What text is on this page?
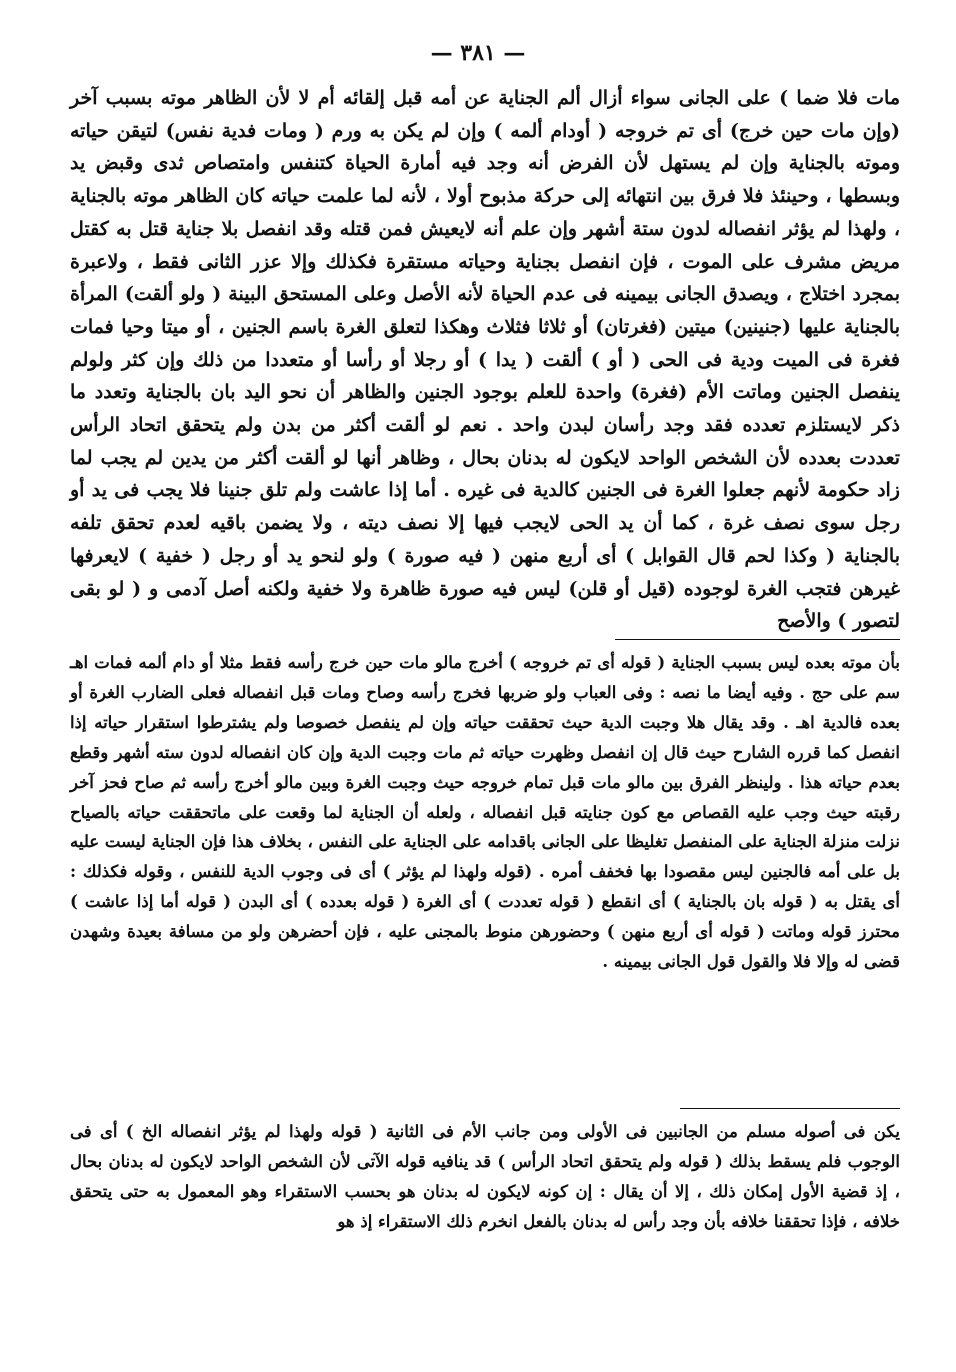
— ٣٨١ —

مات فلا ضما ) على الجانى سواء أزال ألم الجناية عن أمه قبل إلقائه أم لا لأن الظاهر موته بسبب آخر (وإن مات حين خرج) أى تم خروجه ( أودام ألمه ) وإن لم يكن به ورم ( ومات فدية نفس) لتيقن حياته وموته بالجناية وإن لم يستهل لأن الفرض أنه وجد فيه أمارة الحياة كتنفس وامتصاص ثدى وقبض يد وبسطها ، وحينئذ فلا فرق بين انتهائه إلى حركة مذبوح أولا ، لأنه لما علمت حياته كان الظاهر موته بالجناية ، ولهذا لم يؤثر انفصاله لدون ستة أشهر وإن علم أنه لايعيش فمن قتله وقد انفصل بلا جناية قتل به كقتل مريض مشرف على الموت ، فإن انفصل بجناية وحياته مستقرة فكذلك وإلا عزر الثانى فقط ، ولاعبرة بمجرد اختلاج ، ويصدق الجانى بيمينه فى عدم الحياة لأنه الأصل وعلى المستحق البينة ( ولو ألقت) المرأة بالجناية عليها (جنينين) ميتين (فغرتان) أو ثلاثا فثلاث وهكذا لتعلق الغرة باسم الجنين ، أو ميتا وحيا فمات فغرة فى الميت ودية فى الحى ( أو ) ألقت ( يدا ) أو رجلا أو رأسا أو متعددا من ذلك وإن كثر ولولم ينفصل الجنين وماتت الأم (فغرة) واحدة للعلم بوجود الجنين والظاهر أن نحو اليد بان بالجناية وتعدد ما ذكر لايستلزم تعدده فقد وجد رأسان لبدن واحد . نعم لو ألقت أكثر من بدن ولم يتحقق اتحاد الرأس تعددت بعدده لأن الشخص الواحد لايكون له بدنان بحال ، وظاهر أنها لو ألقت أكثر من يدين لم يجب لما زاد حكومة لأنهم جعلوا الغرة فى الجنين كالدية فى غيره . أما إذا عاشت ولم تلق جنينا فلا يجب فى يد أو رجل سوى نصف غرة ، كما أن يد الحى لايجب فيها إلا نصف ديته ، ولا يضمن باقيه لعدم تحقق تلفه بالجناية ( وكذا لحم قال القوابل ) أى أربع منهن ( فيه صورة ) ولو لنحو يد أو رجل ( خفية ) لايعرفها غيرهن فتجب الغرة لوجوده (قيل أو قلن) ليس فيه صورة ظاهرة ولا خفية ولكنه أصل آدمى و ( لو بقى لتصور ) والأصح

بأن موته بعده ليس بسبب الجناية ( قوله أى تم خروجه ) أخرج مالو مات حين خرج رأسه فقط مثلا أو دام ألمه فمات اهـ سم على حج . وفيه أيضا ما نصه : وفى العباب ولو ضربها فخرج رأسه وصاح ومات قبل انفصاله فعلى الضارب الغرة أو بعده فالدية اهـ . وقد يقال هلا وجبت الدية حيث تحققت حياته وإن لم ينفصل خصوصا ولم يشترطوا استقرار حياته إذا انفصل كما قرره الشارح حيث قال إن انفصل وظهرت حياته ثم مات وجبت الدية وإن كان انفصاله لدون سته أشهر وقطع بعدم حياته هذا . ولينظر الفرق بين مالو مات قبل تمام خروجه حيث وجبت الغرة وبين مالو أخرج رأسه ثم صاح فحز آخر رقبته حيث وجب عليه القصاص مع كون جنايته قبل انفصاله ، ولعله أن الجناية لما وقعت على ماتحققت حياته بالصياح نزلت منزلة الجناية على المنفصل تغليظا على الجانى باقدامه على الجناية على النفس ، بخلاف هذا فإن الجناية ليست عليه بل على أمه فالجنين ليس مقصودا بها فخفف أمره . (قوله ولهذا لم يؤثر ) أى فى وجوب الدية للنفس ، وقوله فكذلك : أى يقتل به ( قوله بان بالجناية ) أى انقطع ( قوله تعددت ) أى الغرة ( قوله بعدده ) أى البدن ( قوله أما إذا عاشت ) محترز قوله وماتت ( قوله أى أربع منهن ) وحضورهن منوط بالمجنى عليه ، فإن أحضرهن ولو من مسافة بعيدة وشهدن قضى له وإلا فلا والقول قول الجانى بيمينه .

يكن فى أصوله مسلم من الجانبين فى الأولى ومن جانب الأم فى الثانية ( قوله ولهذا لم يؤثر انفصاله الخ ) أى فى الوجوب فلم يسقط بذلك ( قوله ولم يتحقق اتحاد الرأس ) قد ينافيه قوله الآتى لأن الشخص الواحد لايكون له بدنان بحال ، إذ قضية الأول إمكان ذلك ، إلا أن يقال : إن كونه لايكون له بدنان هو بحسب الاستقراء وهو المعمول به حتى يتحقق خلافه ، فإذا تحققنا خلافه بأن وجد رأس له بدنان بالفعل انخرم ذلك الاستقراء إذ هو
